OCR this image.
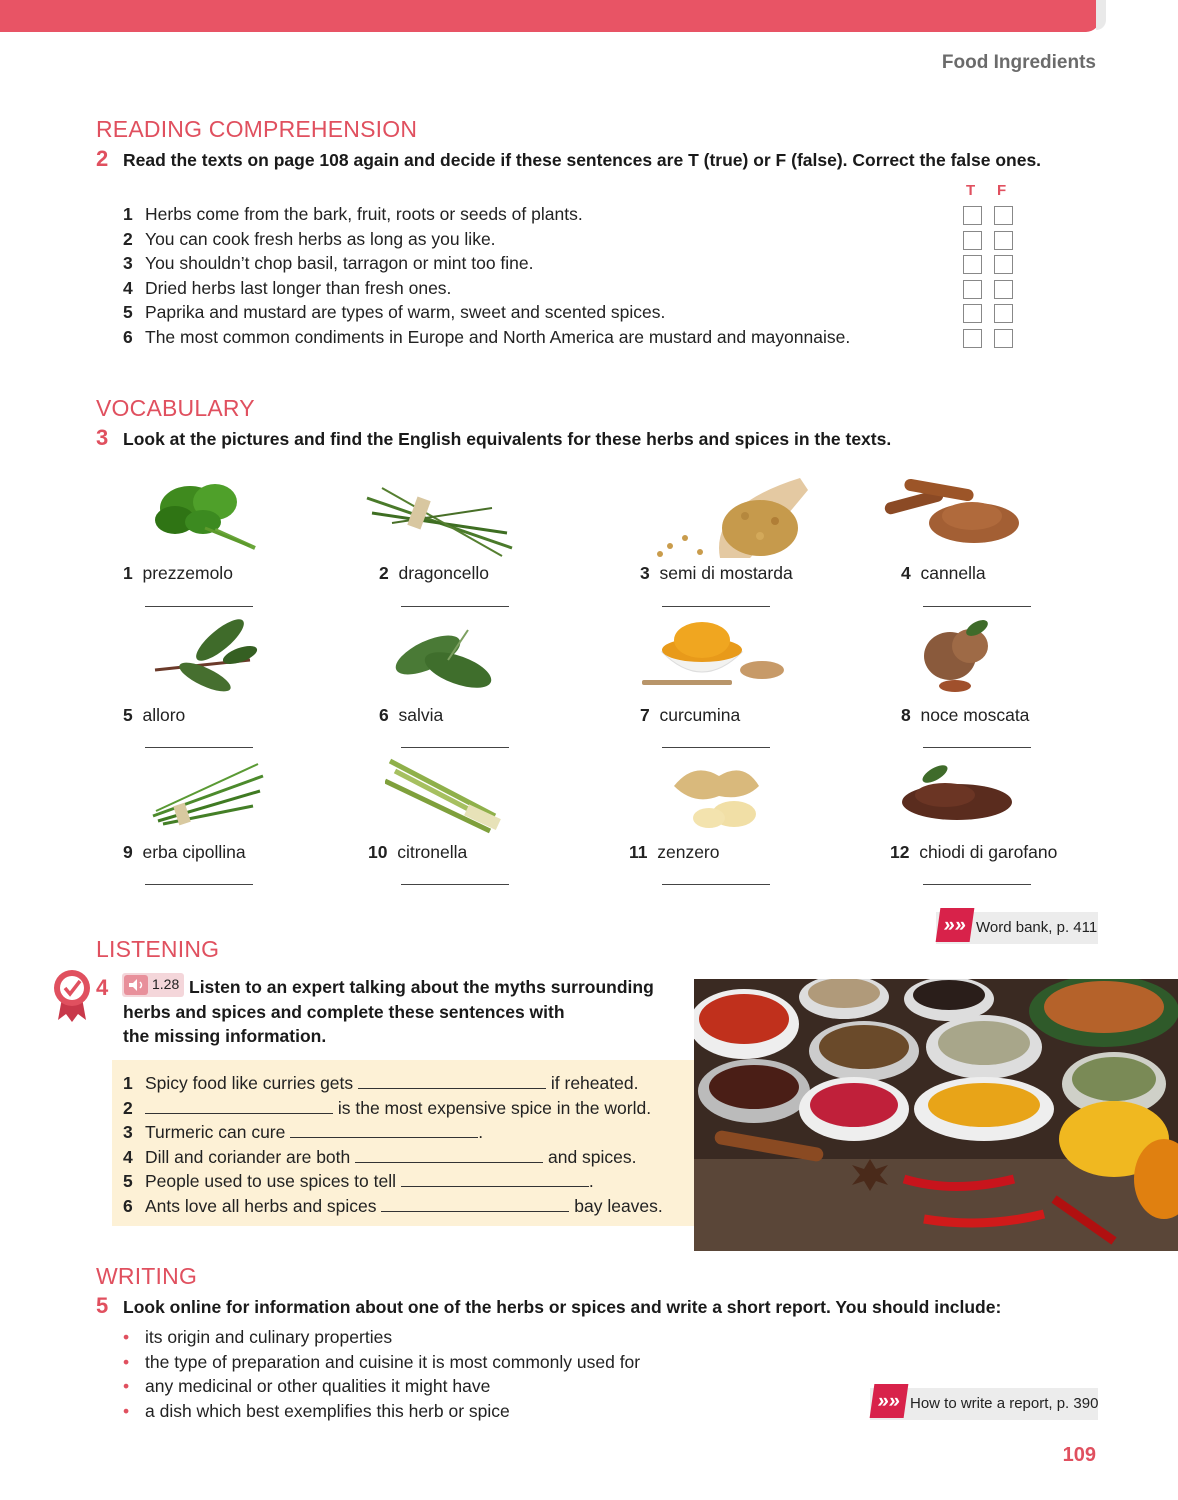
Food Ingredients
READING COMPREHENSION
2 Read the texts on page 108 again and decide if these sentences are T (true) or F (false). Correct the false ones.
T F
1 Herbs come from the bark, fruit, roots or seeds of plants.
2 You can cook fresh herbs as long as you like.
3 You shouldn’t chop basil, tarragon or mint too fine.
4 Dried herbs last longer than fresh ones.
5 Paprika and mustard are types of warm, sweet and scented spices.
6 The most common condiments in Europe and North America are mustard and mayonnaise.
VOCABULARY
3 Look at the pictures and find the English equivalents for these herbs and spices in the texts.
1 prezzemolo	2 dragoncello	3 semi di mostarda	4 cannella
5 alloro	6 salvia	7 curcumina	8 noce moscata
9 erba cipollina	10 citronella	11 zenzero	12 chiodi di garofano
»» Word bank, p. 411
LISTENING
4	1.28 Listen to an expert talking about the myths surrounding
herbs and spices and complete these sentences with
the missing information.
1 Spicy food like curries gets	if reheated.
2	is the most expensive spice in the world.
3 Turmeric can cure	.
4 Dill and coriander are both	and spices.
5 People used to use spices to tell	.
6 Ants love all herbs and spices	bay leaves.
WRITING
5 Look online for information about one of the herbs or spices and write a short report. You should include:
• its origin and culinary properties
• the type of preparation and cuisine it is most commonly used for
• any medicinal or other qualities it might have
• a dish which best exemplifies this herb or spice	»» How to write a report, p. 390
109
